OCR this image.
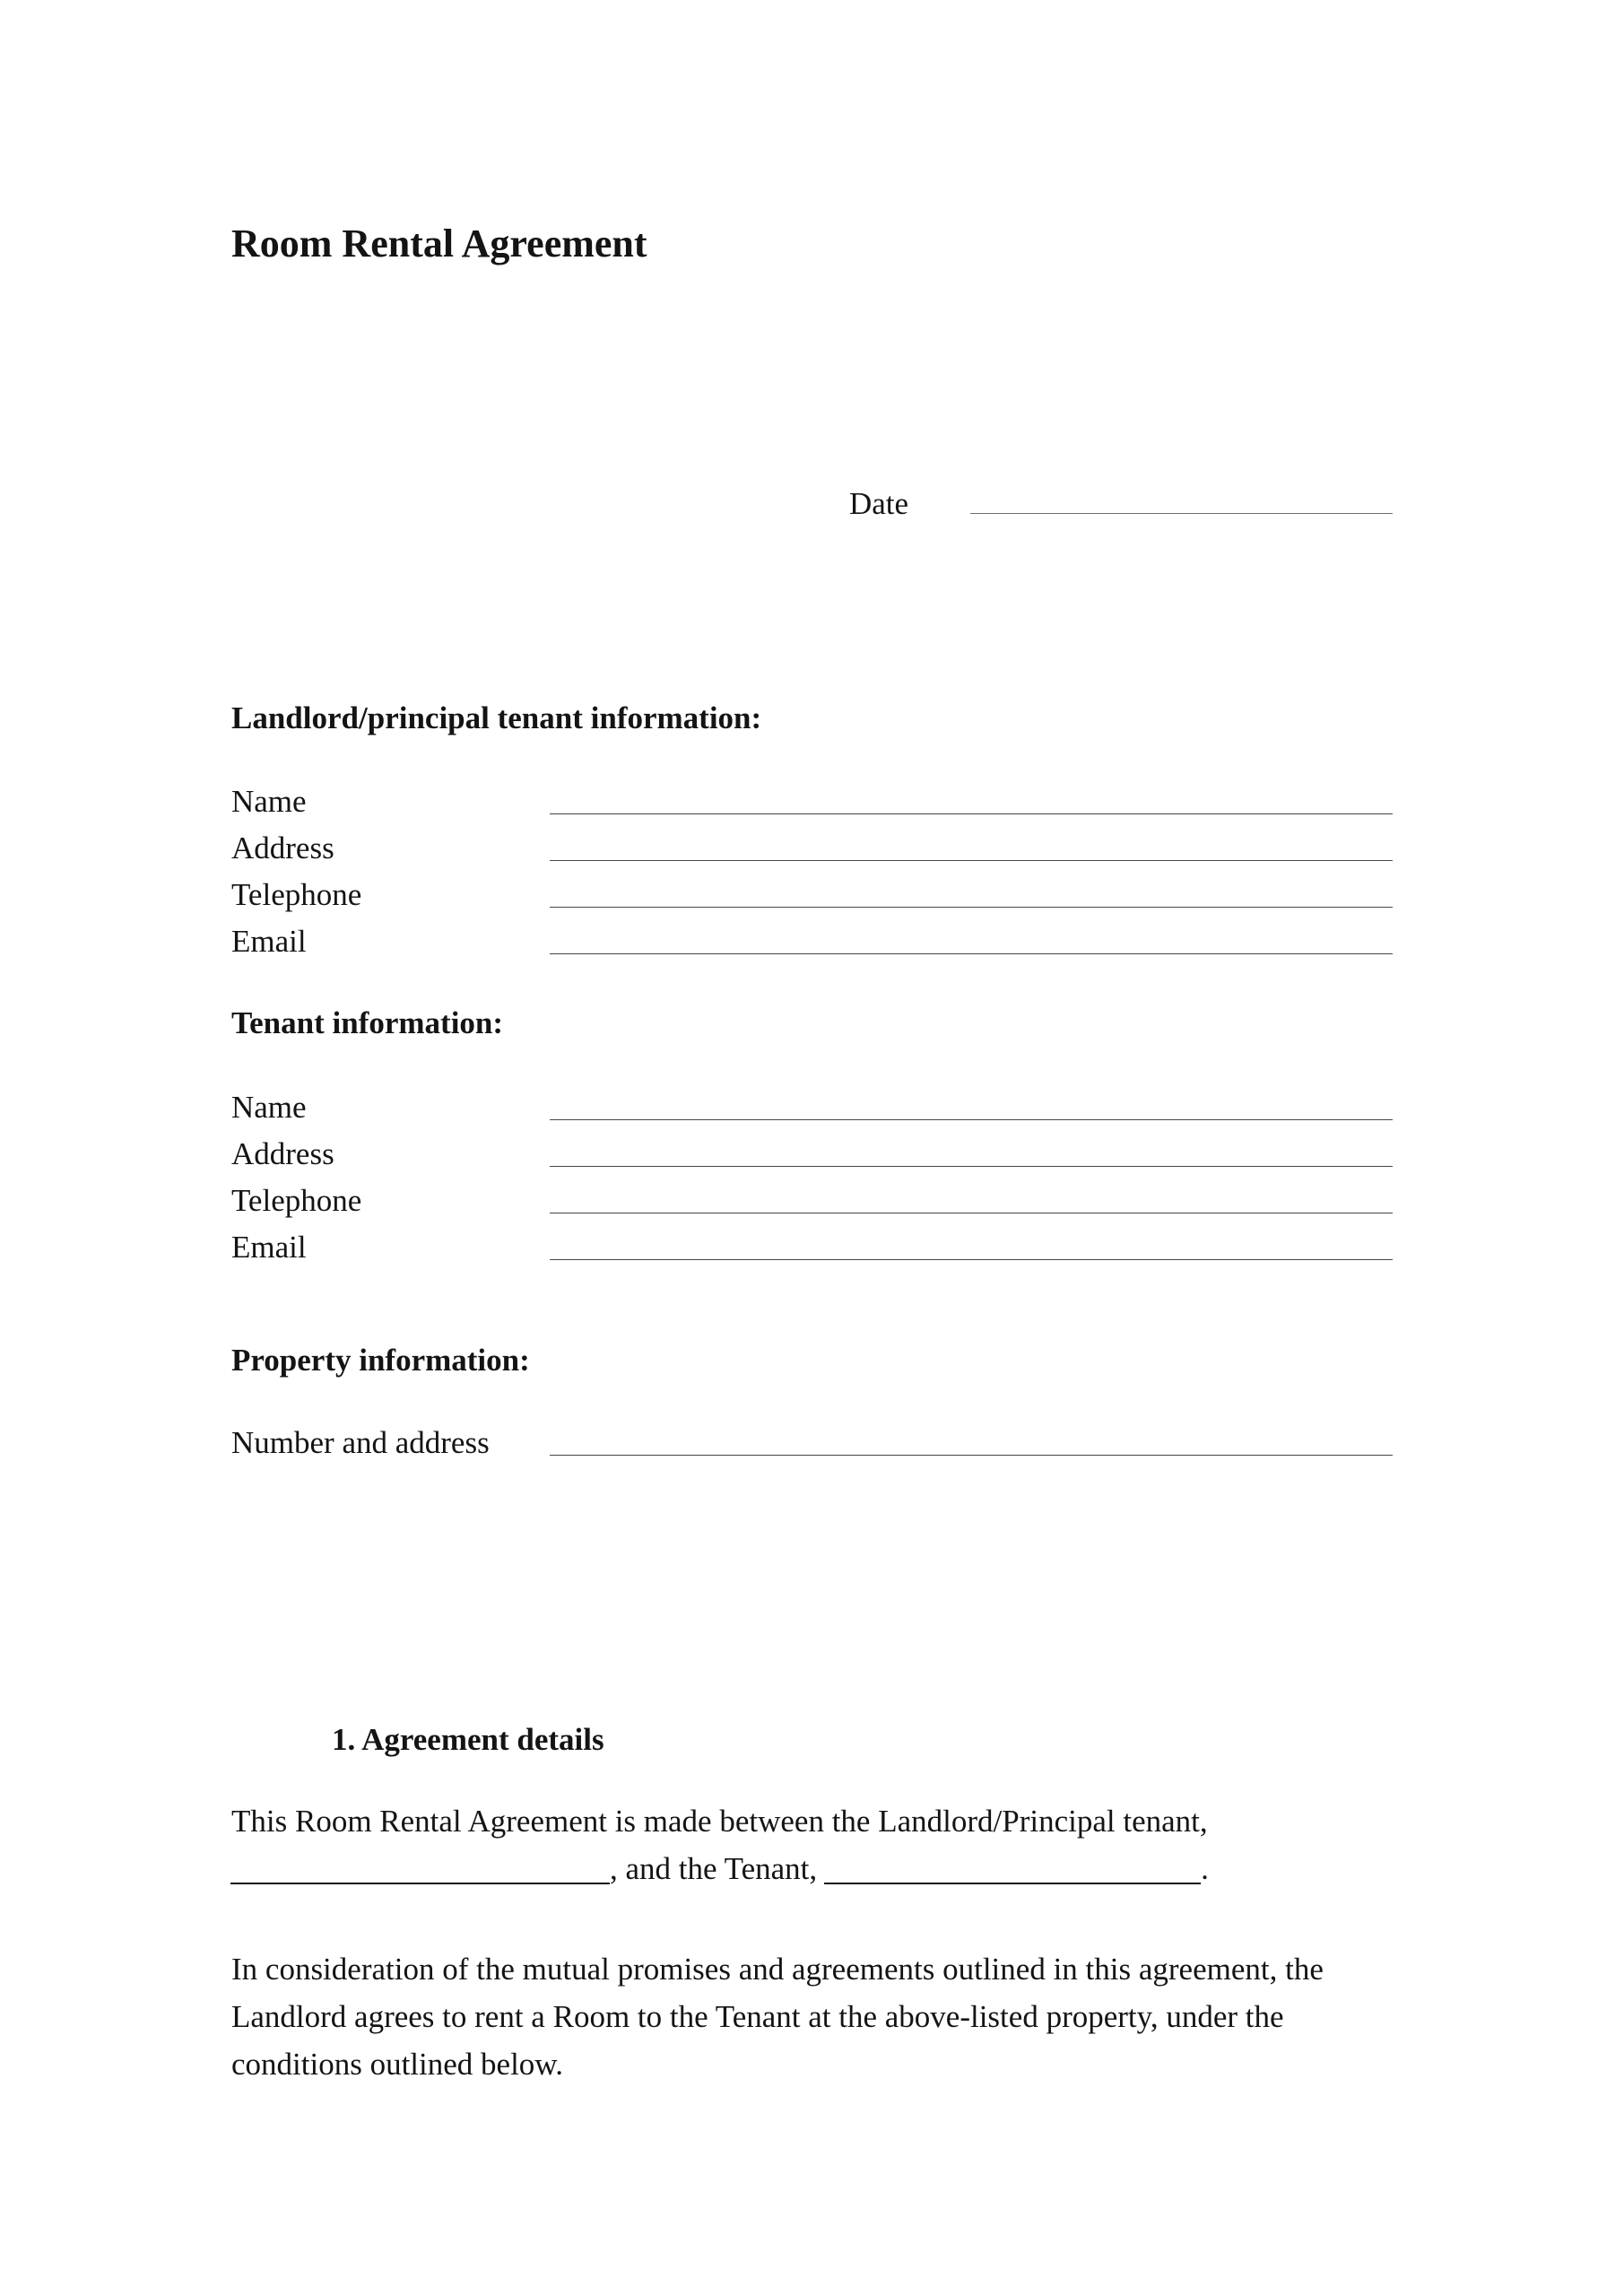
Room Rental Agreement
Date
Landlord/principal tenant information:
Name
Address
Telephone
Email
Tenant information:
Name
Address
Telephone
Email
Property information:
Number and address
1. Agreement details
This Room Rental Agreement is made between the Landlord/Principal tenant,
, and the Tenant,	.
In consideration of the mutual promises and agreements outlined in this agreement, the
Landlord agrees to rent a Room to the Tenant at the above-listed property, under the
conditions outlined below.
